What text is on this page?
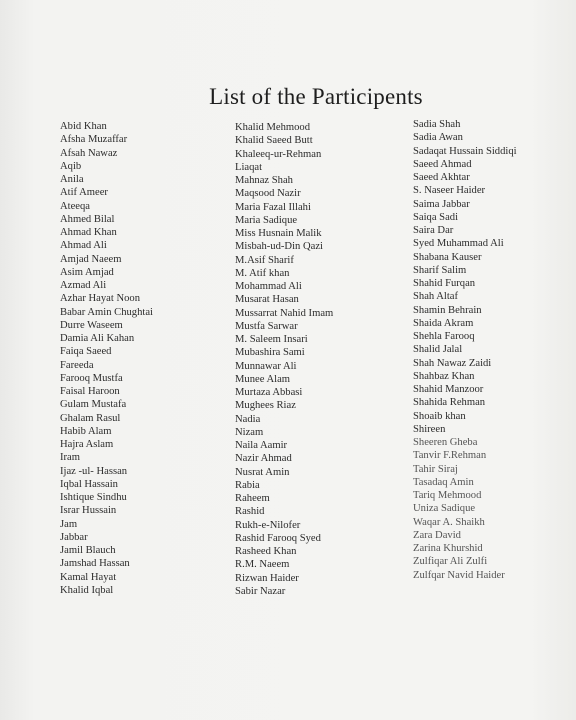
List of the Participents
Abid Khan
Afsha Muzaffar
Afsah Nawaz
Aqib
Anila
Atif Ameer
Ateeqa
Ahmed Bilal
Ahmad Khan
Ahmad Ali
Amjad Naeem
Asim Amjad
Azmad Ali
Azhar Hayat Noon
Babar Amin Chughtai
Durre Waseem
Damia Ali Kahan
Faiqa Saeed
Fareeda
Farooq Mustfa
Faisal Haroon
Gulam Mustafa
Ghalam Rasul
Habib Alam
Hajra Aslam
Iram
Ijaz -ul- Hassan
Iqbal Hassain
Ishtique Sindhu
Israr Hussain
Jam
Jabbar
Jamil Blauch
Jamshad Hassan
Kamal Hayat
Khalid Iqbal
Khalid Mehmood
Khalid Saeed Butt
Khaleeq-ur-Rehman
Liaqat
Mahnaz Shah
Maqsood Nazir
Maria Fazal Illahi
Maria Sadique
Miss Husnain Malik
Misbah-ud-Din Qazi
M.Asif Sharif
M. Atif khan
Mohammad Ali
Musarat Hasan
Mussarrat Nahid Imam
Mustfa Sarwar
M. Saleem Insari
Mubashira Sami
Munnawar Ali
Munee Alam
Murtaza Abbasi
Mughees Riaz
Nadia
Nizam
Naila Aamir
Nazir Ahmad
Nusrat Amin
Rabia
Raheem
Rashid
Rukh-e-Nilofer
Rashid Farooq Syed
Rasheed Khan
R.M. Naeem
Rizwan Haider
Sabir Nazar
Sadia Shah
Sadia Awan
Sadaqat Hussain Siddiqi
Saeed Ahmad
Saeed Akhtar
S. Naseer Haider
Saima Jabbar
Saiqa Sadi
Saira Dar
Syed Muhammad Ali
Shabana Kauser
Sharif Salim
Shahid Furqan
Shah Altaf
Shamin Behrain
Shaida Akram
Shehla Farooq
Shalid Jalal
Shah Nawaz Zaidi
Shahbaz Khan
Shahid Manzoor
Shahida Rehman
Shoaib khan
Shireen
Sheeren Gheba
Tanvir F.Rehman
Tahir Siraj
Tasadaq Amin
Tariq Mehmood
Uniza Sadique
Waqar A. Shaikh
Zara David
Zarina Khurshid
Zulfiqar Ali Zulfi
Zulfqar Navid Haider
